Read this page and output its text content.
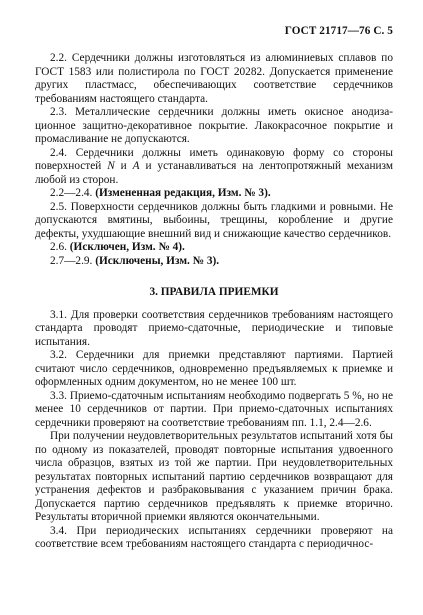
ГОСТ 21717—76 С. 5

2.2. Сердечники должны изготовляться из алюминиевых сплавов по ГОСТ 1583 или полистирола по ГОСТ 20282. Допускается применение других пластмасс, обеспечивающих соответствие сердечников требованиям настоящего стандарта.

2.3. Металлические сердечники должны иметь окисное анодизационное защитно-декоративное покрытие. Лакокрасочное покрытие и промасливание не допускаются.

2.4. Сердечники должны иметь одинаковую форму со стороны поверхностей N и A и устанавливаться на лентопротяжный механизм любой из сторон.

2.2—2.4. (Измененная редакция, Изм. № 3).

2.5. Поверхности сердечников должны быть гладкими и ровными. Не допускаются вмятины, выбоины, трещины, коробление и другие дефекты, ухудшающие внешний вид и снижающие качество сердечников.

2.6. (Исключен, Изм. № 4).

2.7—2.9. (Исключены, Изм. № 3).

3. ПРАВИЛА ПРИЕМКИ

3.1. Для проверки соответствия сердечников требованиям настоящего стандарта проводят приемо-сдаточные, периодические и типовые испытания.

3.2. Сердечники для приемки представляют партиями. Партией считают число сердечников, одновременно предъявляемых к приемке и оформленных одним документом, но не менее 100 шт.

3.3. Приемо-сдаточным испытаниям необходимо подвергать 5 %, но не менее 10 сердечников от партии. При приемо-сдаточных испытаниях сердечники проверяют на соответствие требованиям пп. 1.1, 2.4—2.6.

При получении неудовлетворительных результатов испытаний хотя бы по одному из показателей, проводят повторные испытания удвоенного числа образцов, взятых из той же партии. При неудовлетворительных результатах повторных испытаний партию сердечников возвращают для устранения дефектов и разбраковывания с указанием причин брака. Допускается партию сердечников предъявлять к приемке вторично. Результаты вторичной приемки являются окончательными.

3.4. При периодических испытаниях сердечники проверяют на соответствие всем требованиям настоящего стандарта с периодичнос-
